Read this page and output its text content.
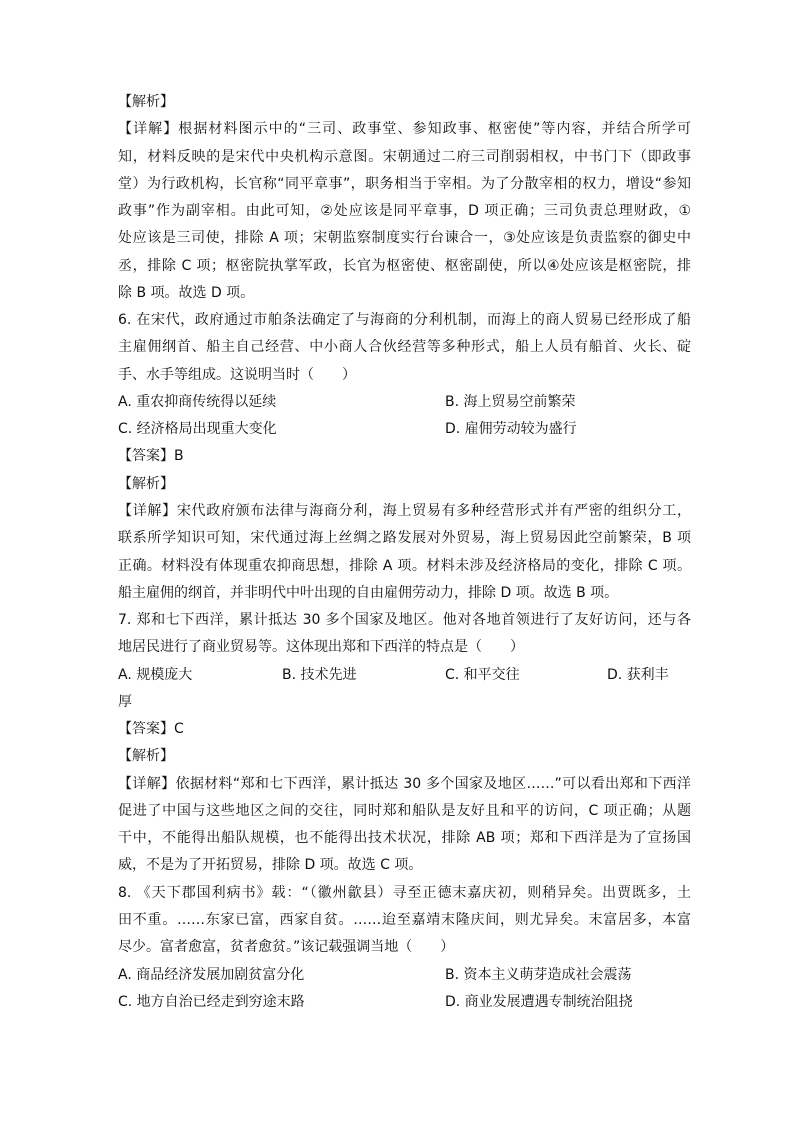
【解析】
【详解】根据材料图示中的“三司、政事堂、参知政事、枢密使”等内容，并结合所学可
知，材料反映的是宋代中央机构示意图。宋朝通过二府三司削弱相权，中书门下（即政事
堂）为行政机构，长官称“同平章事”，职务相当于宰相。为了分散宰相的权力，增设“参知
政事”作为副宰相。由此可知，②处应该是同平章事，D 项正确；三司负责总理财政，①
处应该是三司使，排除 A 项；宋朝监察制度实行台谏合一，③处应该是负责监察的御史中
丞，排除 C 项；枢密院执掌军政，长官为枢密使、枢密副使，所以④处应该是枢密院，排
除 B 项。故选 D 项。
6. 在宋代，政府通过市舶条法确定了与海商的分利机制，而海上的商人贸易已经形成了船
主雇佣纲首、船主自己经营、中小商人合伙经营等多种形式，船上人员有船首、火长、碇
手、水手等组成。这说明当时（　　）
A. 重农抑商传统得以延续	B. 海上贸易空前繁荣
C. 经济格局出现重大变化	D. 雇佣劳动较为盛行
【答案】B
【解析】
【详解】宋代政府颁布法律与海商分利，海上贸易有多种经营形式并有严密的组织分工，
联系所学知识可知，宋代通过海上丝绸之路发展对外贸易，海上贸易因此空前繁荣，B 项
正确。材料没有体现重农抑商思想，排除 A 项。材料未涉及经济格局的变化，排除 C 项。
船主雇佣的纲首，并非明代中叶出现的自由雇佣劳动力，排除 D 项。故选 B 项。
7. 郑和七下西洋，累计抵达 30 多个国家及地区。他对各地首领进行了友好访问，还与各
地居民进行了商业贸易等。这体现出郑和下西洋的特点是（　　）
A. 规模庞大	B. 技术先进	C. 和平交往	D. 获利丰
厚
【答案】C
【解析】
【详解】依据材料“郑和七下西洋，累计抵达 30 多个国家及地区……”可以看出郑和下西洋
促进了中国与这些地区之间的交往，同时郑和船队是友好且和平的访问，C 项正确；从题
干中，不能得出船队规模，也不能得出技术状况，排除 AB 项；郑和下西洋是为了宣扬国
威，不是为了开拓贸易，排除 D 项。故选 C 项。
8. 《天下郡国利病书》载：“（徽州歙县）寻至正德末嘉庆初，则稍异矣。出贾既多，土
田不重。……东家已富，西家自贫。……迨至嘉靖末隆庆间，则尤异矣。末富居多，本富
尽少。富者愈富，贫者愈贫。”该记载强调当地（　　）
A. 商品经济发展加剧贫富分化	B. 资本主义萌芽造成社会震荡
C. 地方自治已经走到穷途末路	D. 商业发展遭遇专制统治阻挠
